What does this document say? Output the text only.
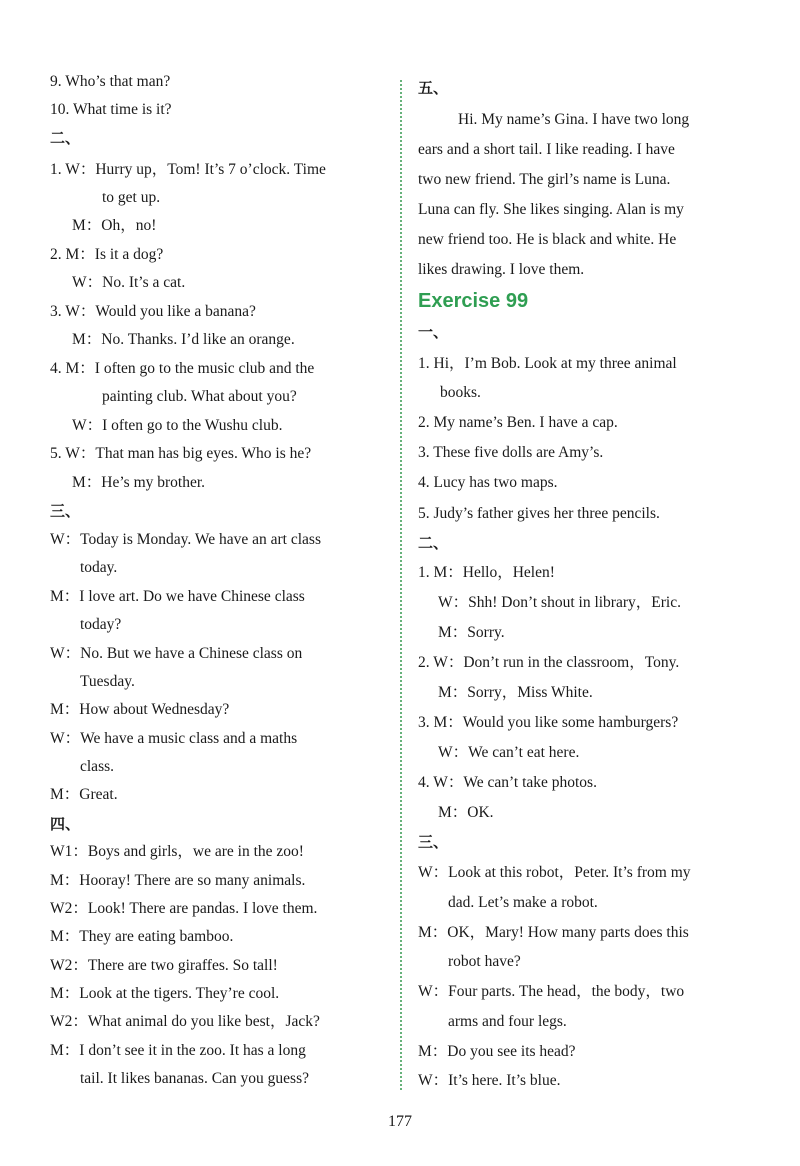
9. Who’s that man?
10. What time is it?
二、
1. W：Hurry up，Tom! It’s 7 o’clock. Time
to get up.
M：Oh，no!
2. M：Is it a dog?
W：No. It’s a cat.
3. W：Would you like a banana?
M：No. Thanks. I’d like an orange.
4. M：I often go to the music club and the
painting club. What about you?
W：I often go to the Wushu club.
5. W：That man has big eyes. Who is he?
M：He’s my brother.
三、
W：Today is Monday. We have an art class
today.
M：I love art. Do we have Chinese class
today?
W：No. But we have a Chinese class on
Tuesday.
M：How about Wednesday?
W：We have a music class and a maths
class.
M：Great.
四、
W1：Boys and girls，we are in the zoo!
M：Hooray! There are so many animals.
W2：Look! There are pandas. I love them.
M：They are eating bamboo.
W2：There are two giraffes. So tall!
M：Look at the tigers. They’re cool.
W2：What animal do you like best，Jack?
M：I don’t see it in the zoo. It has a long
tail. It likes bananas. Can you guess?
五、
Hi. My name’s Gina. I have two long
ears and a short tail. I like reading. I have
two new friend. The girl’s name is Luna.
Luna can fly. She likes singing. Alan is my
new friend too. He is black and white. He
likes drawing. I love them.
Exercise 99
一、
1. Hi，I’m Bob. Look at my three animal
books.
2. My name’s Ben. I have a cap.
3. These five dolls are Amy’s.
4. Lucy has two maps.
5. Judy’s father gives her three pencils.
二、
1. M：Hello，Helen!
W：Shh! Don’t shout in library，Eric.
M：Sorry.
2. W：Don’t run in the classroom，Tony.
M：Sorry，Miss White.
3. M：Would you like some hamburgers?
W：We can’t eat here.
4. W：We can’t take photos.
M：OK.
三、
W：Look at this robot，Peter. It’s from my
dad. Let’s make a robot.
M：OK，Mary! How many parts does this
robot have?
W：Four parts. The head，the body，two
arms and four legs.
M：Do you see its head?
W：It’s here. It’s blue.
177
